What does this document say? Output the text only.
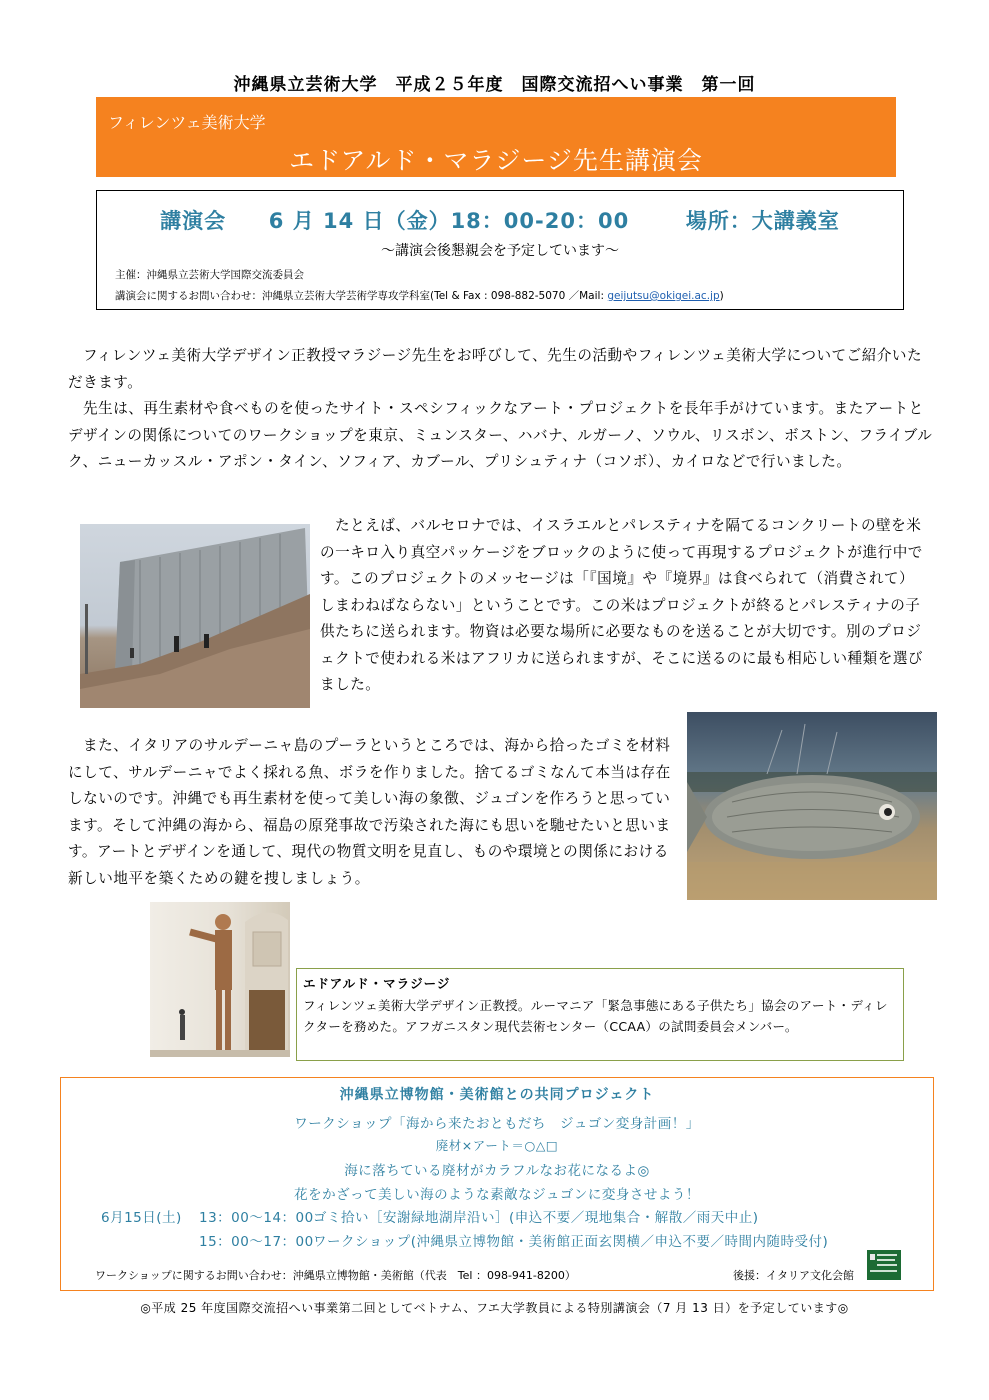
沖縄県立芸術大学　平成２５年度　国際交流招へい事業　第一回
フィレンツェ美術大学
エドアルド・マラジージ先生講演会
講演会 6 月 14 日（金）18：00-20：00	場所：大講義室
～講演会後懇親会を予定しています～
主催：沖縄県立芸術大学国際交流委員会
講演会に関するお問い合わせ：沖縄県立芸術大学芸術学専攻学科室(Tel & Fax : 098-882-5070 ／Mail: geijutsu@okigei.ac.jp)
フィレンツェ美術大学デザイン正教授マラジージ先生をお呼びして、先生の活動やフィレンツェ美術大学についてご紹介いただきます。
先生は、再生素材や食べものを使ったサイト・スペシフィックなアート・プロジェクトを長年手がけています。またアートとデザインの関係についてのワークショップを東京、ミュンスター、ハバナ、ルガーノ、ソウル、リスボン、ボストン、フライブルク、ニューカッスル・アポン・タイン、ソフィア、カブール、プリシュティナ（コソボ）、カイロなどで行いました。
たとえば、バルセロナでは、イスラエルとパレスティナを隔てるコンクリートの壁を米の一キロ入り真空パッケージをブロックのように使って再現するプロジェクトが進行中です。このプロジェクトのメッセージは「『国境』や『境界』は食べられて（消費されて）しまわねばならない」ということです。この米はプロジェクトが終るとパレスティナの子供たちに送られます。物資は必要な場所に必要なものを送ることが大切です。別のプロジェクトで使われる米はアフリカに送られますが、そこに送るのに最も相応しい種類を選びました。
また、イタリアのサルデーニャ島のプーラというところでは、海から拾ったゴミを材料にして、サルデーニャでよく採れる魚、ボラを作りました。捨てるゴミなんて本当は存在しないのです。沖縄でも再生素材を使って美しい海の象徴、ジュゴンを作ろうと思っています。そして沖縄の海から、福島の原発事故で汚染された海にも思いを馳せたいと思います。アートとデザインを通して、現代の物質文明を見直し、ものや環境との関係における新しい地平を築くための鍵を捜しましょう。
エドアルド・マラジージ
フィレンツェ美術大学デザイン正教授。ルーマニア「緊急事態にある子供たち」協会のアート・ディレクターを務めた。アフガニスタン現代芸術センター（CCAA）の試問委員会メンバー。
沖縄県立博物館・美術館との共同プロジェクト
ワークショップ「海から来たおともだち　ジュゴン変身計画！」
廃材×アート＝○△□
海に落ちている廃材がカラフルなお花になるよ◎
花をかざって美しい海のような素敵なジュゴンに変身させよう！
6月15日(土) 13：00～14：00 ゴミ拾い［安謝緑地湖岸沿い］(申込不要／現地集合・解散／雨天中止)
15：00～17：00 ワークショップ(沖縄県立博物館・美術館正面玄関横／申込不要／時間内随時受付)
ワークショップに関するお問い合わせ：沖縄県立博物館・美術館（代表　Tel ：098-941-8200）	後援：イタリア文化会館
◎平成 25 年度国際交流招へい事業第二回としてベトナム、フエ大学教員による特別講演会（7 月 13 日）を予定しています◎
